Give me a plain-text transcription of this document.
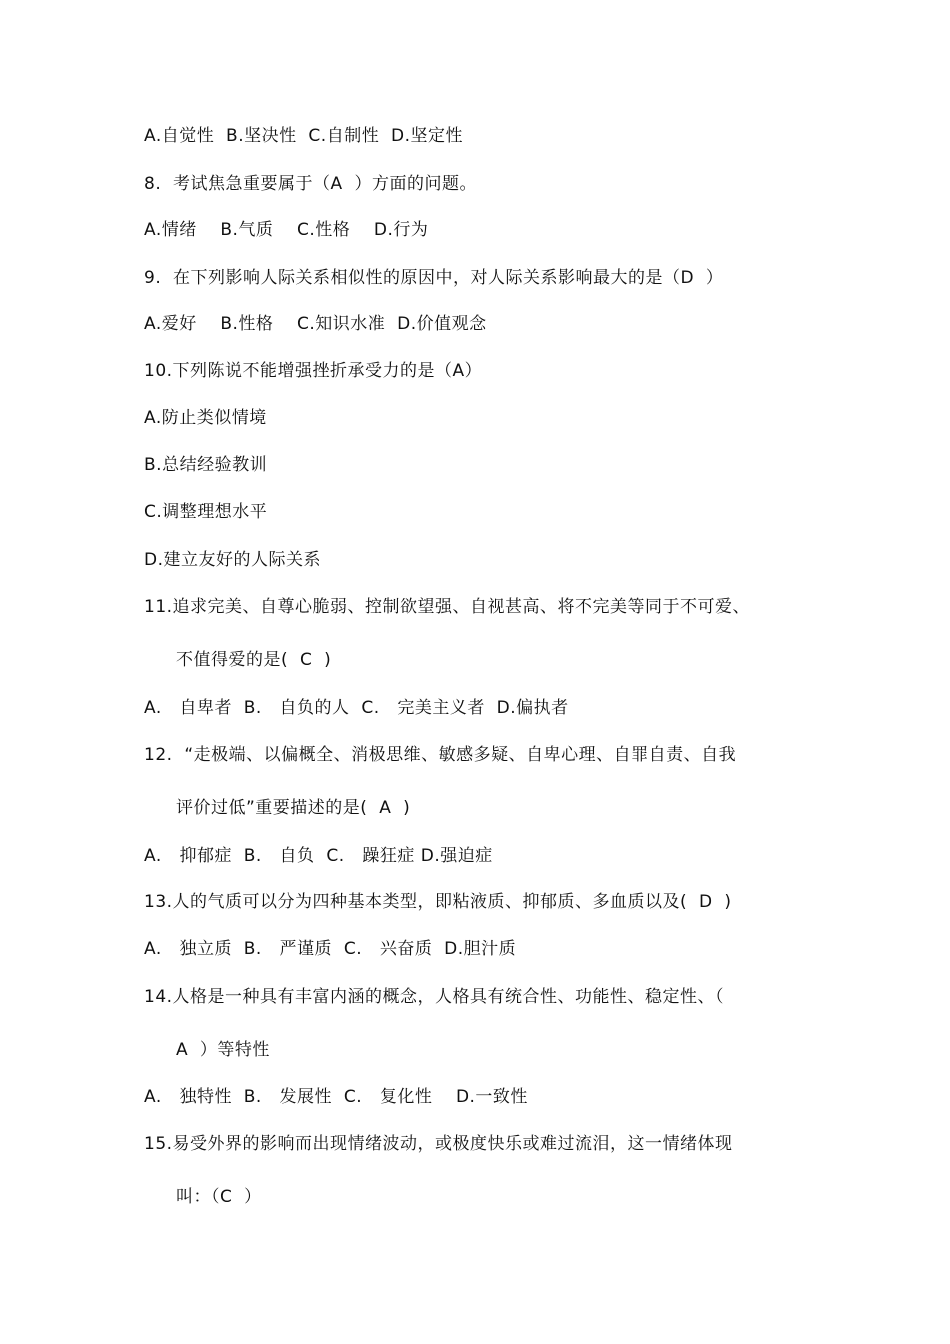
A.自觉性  B.坚决性  C.自制性  D.坚定性
8.  考试焦急重要属于（A  ）方面的问题。
A.情绪    B.气质    C.性格    D.行为
9.  在下列影响人际关系相似性的原因中，对人际关系影响最大的是（D  ）
A.爱好    B.性格    C.知识水准  D.价值观念
10.下列陈说不能增强挫折承受力的是（A）
A.防止类似情境
B.总结经验教训
C.调整理想水平
D.建立友好的人际关系
11.追求完美、自尊心脆弱、控制欲望强、自视甚高、将不完美等同于不可爱、
不值得爱的是(  C  )
A.   自卑者  B.   自负的人  C.   完美主义者  D.偏执者
12.  “走极端、以偏概全、消极思维、敏感多疑、自卑心理、自罪自责、自我
评价过低”重要描述的是(  A  )
A.   抑郁症  B.   自负  C.   躁狂症 D.强迫症
13.人的气质可以分为四种基本类型，即粘液质、抑郁质、多血质以及(  D  )
A.   独立质  B.   严谨质  C.   兴奋质  D.胆汁质
14.人格是一种具有丰富内涵的概念，人格具有统合性、功能性、稳定性、（
A  ）等特性
A.   独特性  B.   发展性  C.   复化性    D.一致性
15.易受外界的影响而出现情绪波动，或极度快乐或难过流泪，这一情绪体现
叫：（C  ）
